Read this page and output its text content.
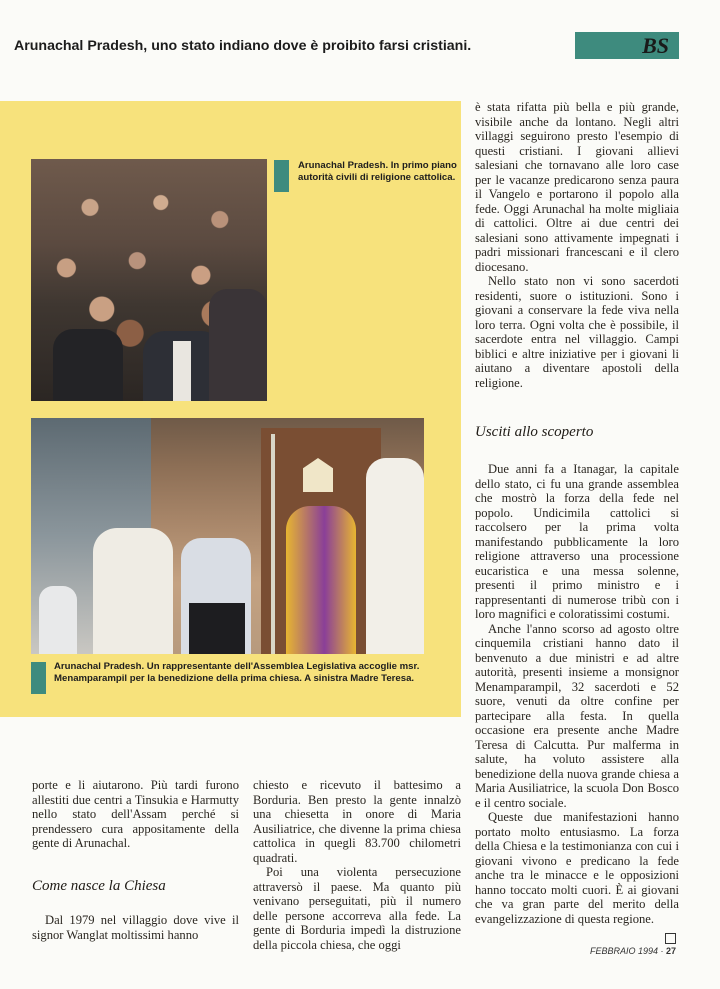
Arunachal Pradesh, uno stato indiano dove è proibito farsi cristiani.	BS
Arunachal Pradesh. In primo piano autorità civili di religione cattolica.
Arunachal Pradesh. Un rappresentante dell'Assemblea Legislativa accoglie msr. Menamparampil per la benedizione della prima chiesa. A sinistra Madre Teresa.

è stata rifatta più bella e più grande, visibile anche da lontano. Negli altri villaggi seguirono presto l'esempio di questi cristiani. I giovani allievi salesiani che tornavano alle loro case per le vacanze predicarono senza paura il Vangelo e portarono il popolo alla fede. Oggi Arunachal ha molte migliaia di cattolici. Oltre ai due centri dei salesiani sono attivamente impegnati i padri missionari francescani e il clero diocesano.

Nello stato non vi sono sacerdoti residenti, suore o istituzioni. Sono i giovani a conservare la fede viva nella loro terra. Ogni volta che è possibile, il sacerdote entra nel villaggio. Campi biblici e altre iniziative per i giovani li aiutano a diventare apostoli della religione.

Usciti allo scoperto

Due anni fa a Itanagar, la capitale dello stato, ci fu una grande assemblea che mostrò la forza della fede nel popolo. Undicimila cattolici si raccolsero per la prima volta manifestando pubblicamente la loro religione attraverso una processione eucaristica e una messa solenne, presenti il primo ministro e i rappresentanti di numerose tribù con i loro magnifici e coloratissimi costumi.

Anche l'anno scorso ad agosto oltre cinquemila cristiani hanno dato il benvenuto a due ministri e ad altre autorità, presenti insieme a monsignor Menamparampil, 32 sacerdoti e 52 suore, venuti da oltre confine per partecipare alla festa. In quella occasione era presente anche Madre Teresa di Calcutta. Pur malferma in salute, ha voluto assistere alla benedizione della nuova grande chiesa a Maria Ausiliatrice, la scuola Don Bosco e il centro sociale.

Queste due manifestazioni hanno portato molto entusiasmo. La forza della Chiesa e la testimonianza con cui i giovani vivono e predicano la fede anche tra le minacce e le opposizioni hanno toccato molti cuori. È ai giovani che va gran parte del merito della evangelizzazione di questa regione.

porte e li aiutarono. Più tardi furono allestiti due centri a Tinsukia e Harmutty nello stato dell'Assam perché si prendessero cura appositamente della gente di Arunachal.

Come nasce la Chiesa

Dal 1979 nel villaggio dove vive il signor Wanglat moltissimi hanno

chiesto e ricevuto il battesimo a Borduria. Ben presto la gente innalzò una chiesetta in onore di Maria Ausiliatrice, che divenne la prima chiesa cattolica in quegli 83.700 chilometri quadrati.

Poi una violenta persecuzione attraversò il paese. Ma quanto più venivano perseguitati, più il numero delle persone accorreva alla fede. La gente di Borduria impedì la distruzione della piccola chiesa, che oggi	FEBBRAIO 1994 · 27
